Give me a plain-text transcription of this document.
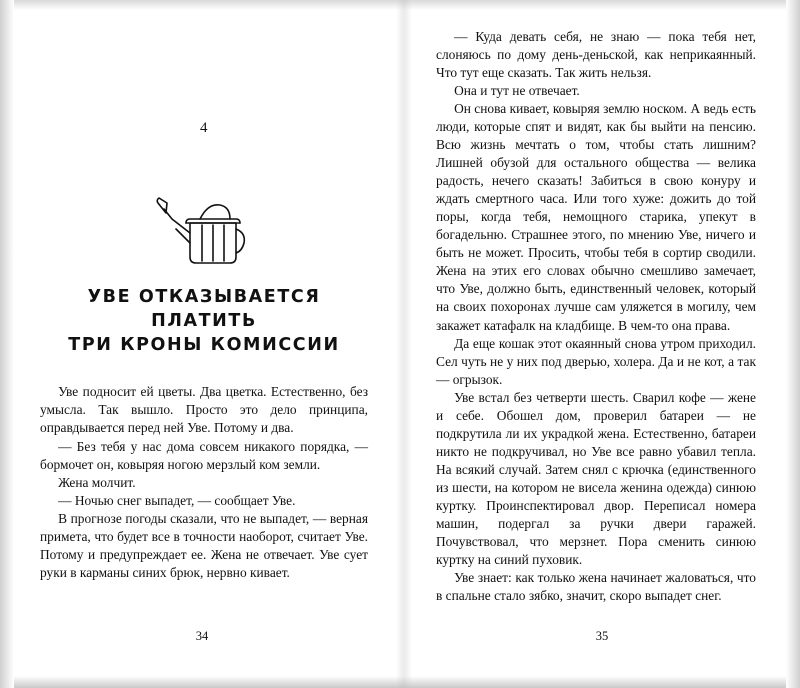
4
УВЕ ОТКАЗЫВАЕТСЯ ПЛАТИТЬ
ТРИ КРОНЫ КОМИССИИ

Уве подносит ей цветы. Два цветка. Естественно, без умысла. Так вышло. Просто это дело принципа, оправдывается перед ней Уве. Потому и два.

— Без тебя у нас дома совсем никакого порядка, — бормочет он, ковыряя ногою мерзлый ком земли.

Жена молчит.

— Ночью снег выпадет, — сообщает Уве.

В прогнозе погоды сказали, что не выпадет, — верная примета, что будет все в точности наоборот, считает Уве. Потому и предупреждает ее. Жена не отвечает. Уве сует руки в карманы синих брюк, нервно кивает.

34

— Куда девать себя, не знаю — пока тебя нет, слоняюсь по дому день-деньской, как неприкаянный. Что тут еще сказать. Так жить нельзя.

Она и тут не отвечает.

Он снова кивает, ковыряя землю носком. А ведь есть люди, которые спят и видят, как бы выйти на пенсию. Всю жизнь мечтать о том, чтобы стать лишним? Лишней обузой для остального общества — велика радость, нечего сказать! Забиться в свою конуру и ждать смертного часа. Или того хуже: дожить до той поры, когда тебя, немощного старика, упекут в богадельню. Страшнее этого, по мнению Уве, ничего и быть не может. Просить, чтобы тебя в сортир сводили. Жена на этих его словах обычно смешливо замечает, что Уве, должно быть, единственный человек, который на своих похоронах лучше сам уляжется в могилу, чем закажет катафалк на кладбище. В чем-то она права.

Да еще кошак этот окаянный снова утром приходил. Сел чуть не у них под дверью, холера. Да и не кот, а так — огрызок.

Уве встал без четверти шесть. Сварил кофе — жене и себе. Обошел дом, проверил батареи — не подкрутила ли их украдкой жена. Естественно, батареи никто не подкручивал, но Уве все равно убавил тепла. На всякий случай. Затем снял с крючка (единственного из шести, на котором не висела женина одежда) синюю куртку. Проинспектировал двор. Переписал номера машин, подергал за ручки двери гаражей. Почувствовал, что мерзнет. Пора сменить синюю куртку на синий пуховик.

Уве знает: как только жена начинает жаловаться, что в спальне стало зябко, значит, скоро выпадет снег.

35
